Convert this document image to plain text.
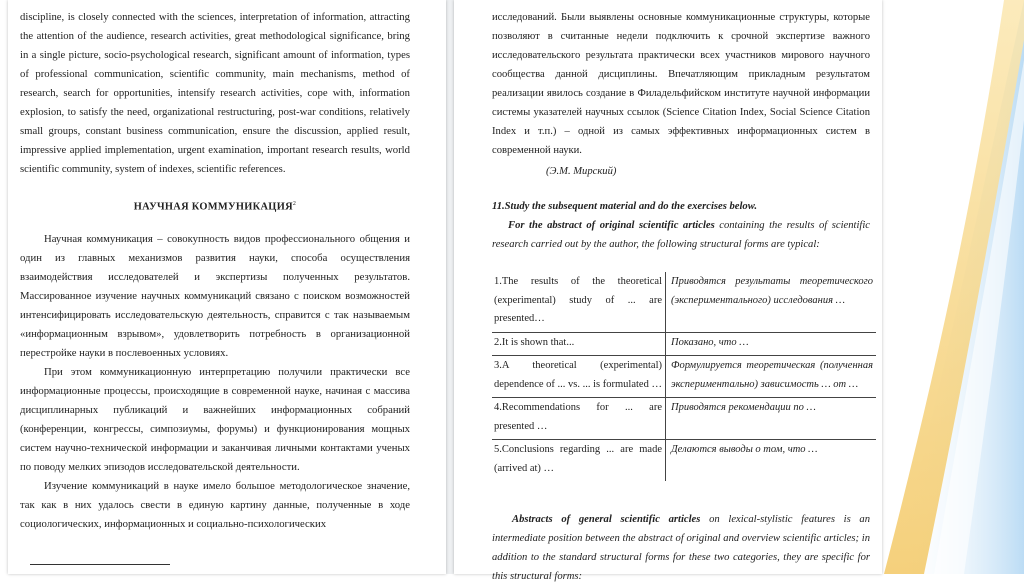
discipline, is closely connected with the sciences, interpretation of information, attracting the attention of the audience, research activities, great methodological significance, bring in a single picture, socio-psychological research, significant amount of information, types of professional communication, scientific community, main mechanisms, method of research, search for opportunities, intensify research activities, cope with, information explosion, to satisfy the need, organizational restructuring, post-war conditions, relatively small groups, constant business communication, ensure the discussion, applied result, impressive applied implementation, urgent examination, important research results, world scientific community, system of indexes, scientific references.

НАУЧНАЯ КОММУНИКАЦИЯ$^2$

Научная коммуникация – совокупность видов профессионального общения и один из главных механизмов развития науки, способа осуществления взаимодействия исследователей и экспертизы полученных результатов. Массированное изучение научных коммуникаций связано с поиском возможностей интенсифицировать исследовательскую деятельность, справится с так называемым «информационным взрывом», удовлетворить потребность в организационной перестройке науки в послевоенных условиях.

При этом коммуникационную интерпретацию получили практически все информационные процессы, происходящие в современной науке, начиная с массива дисциплинарных публикаций и важнейших информационных собраний (конференции, конгрессы, симпозиумы, форумы) и функционирования мощных систем научно-технической информации и заканчивая личными контактами ученых по поводу мелких эпизодов исследовательской деятельности.

Изучение коммуникаций в науке имело большое методологическое значение, так как в них удалось свести в единую картину данные, полученные в ходе социологических, информационных и социально-психологических

исследований. Были выявлены основные коммуникационные структуры, которые позволяют в считанные недели подключить к срочной экспертизе важного исследовательского результата практически всех участников мирового научного сообщества данной дисциплины. Впечатляющим прикладным результатом реализации явилось создание в Филадельфийском институте научной информации системы указателей научных ссылок (Science Citation Index, Social Science Citation Index и т.п.) – одной из самых эффективных информационных систем в современной науки.

(Э.М. Мирский)
11.Study the subsequent material and do the exercises below.

For the abstract of original scientific articles containing the results of scientific research carried out by the author, the following structural forms are typical:

1.The results of the theoretical (experimental) study of ... are presented…	Приводятся результаты теоретического (экспериментального) исследования …
2.It is shown that...	Показано, что …
3.A theoretical (experimental) dependence of ... vs. ... is formulated …	Формулируется теоретическая (полученная экспериментально) зависимость … от …
4.Recommendations for ... are presented …	Приводятся рекомендации по …
5.Conclusions regarding ... are made (arrived at) …	Делаются выводы о том, что …

Abstracts of general scientific articles on lexical-stylistic features is an intermediate position between the abstract of original and overview scientific articles; in addition to the standard structural forms for these two categories, they are specific for this structural forms:
